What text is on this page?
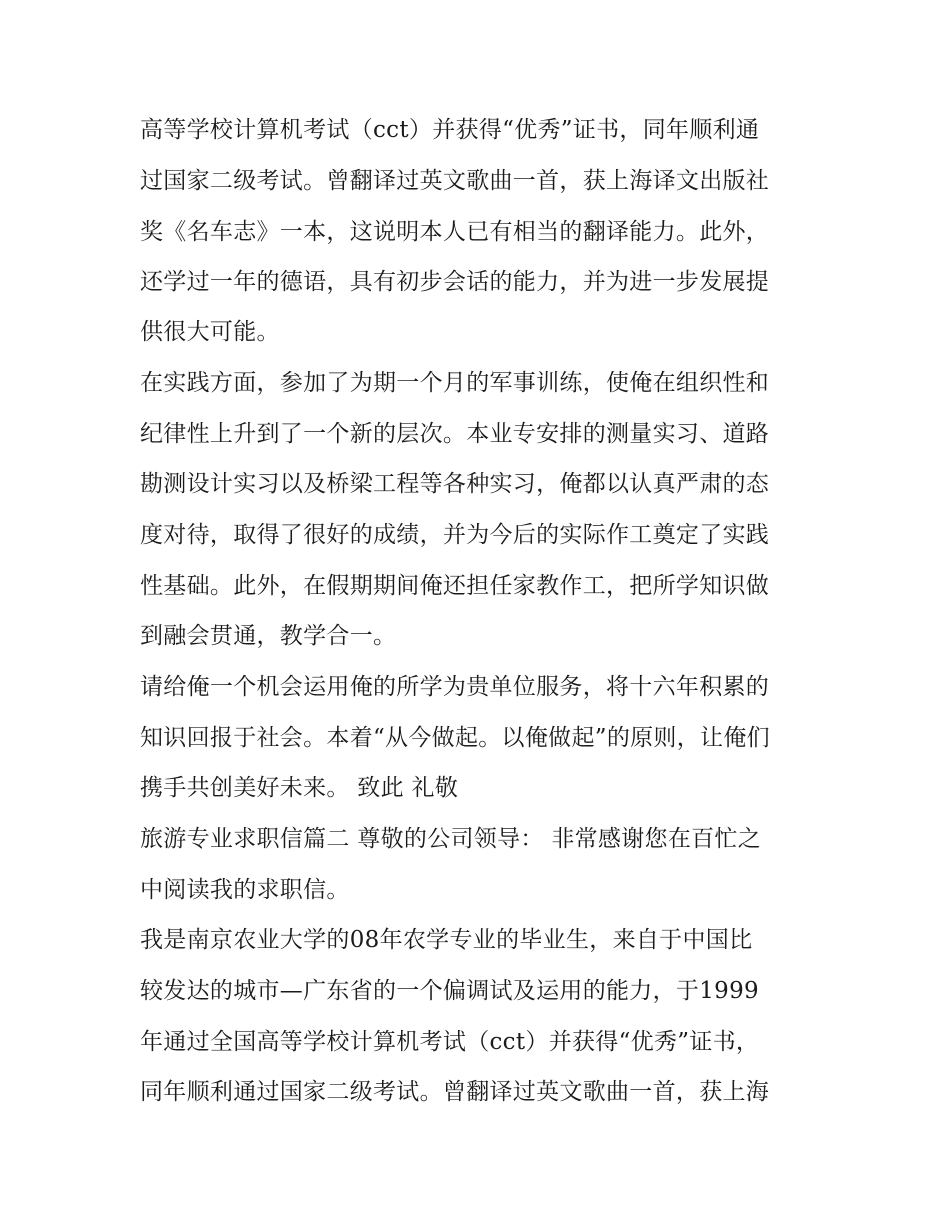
高等学校计算机考试（cct）并获得“优秀”证书，同年顺利通
过国家二级考试。曾翻译过英文歌曲一首，获上海译文出版社
奖《名车志》一本，这说明本人已有相当的翻译能力。此外，
还学过一年的德语，具有初步会话的能力，并为进一步发展提
供很大可能。
在实践方面，参加了为期一个月的军事训练，使俺在组织性和
纪律性上升到了一个新的层次。本业专安排的测量实习、道路
勘测设计实习以及桥梁工程等各种实习，俺都以认真严肃的态
度对待，取得了很好的成绩，并为今后的实际作工奠定了实践
性基础。此外，在假期期间俺还担任家教作工，把所学知识做
到融会贯通，教学合一。
请给俺一个机会运用俺的所学为贵单位服务，将十六年积累的
知识回报于社会。本着“从今做起。以俺做起”的原则，让俺们
携手共创美好未来。 致此 礼敬
旅游专业求职信篇二 尊敬的公司领导： 非常感谢您在百忙之
中阅读我的求职信。
我是南京农业大学的08年农学专业的毕业生，来自于中国比
较发达的城市—广东省的一个偏调试及运用的能力，于1999
年通过全国高等学校计算机考试（cct）并获得“优秀”证书，
同年顺利通过国家二级考试。曾翻译过英文歌曲一首，获上海
